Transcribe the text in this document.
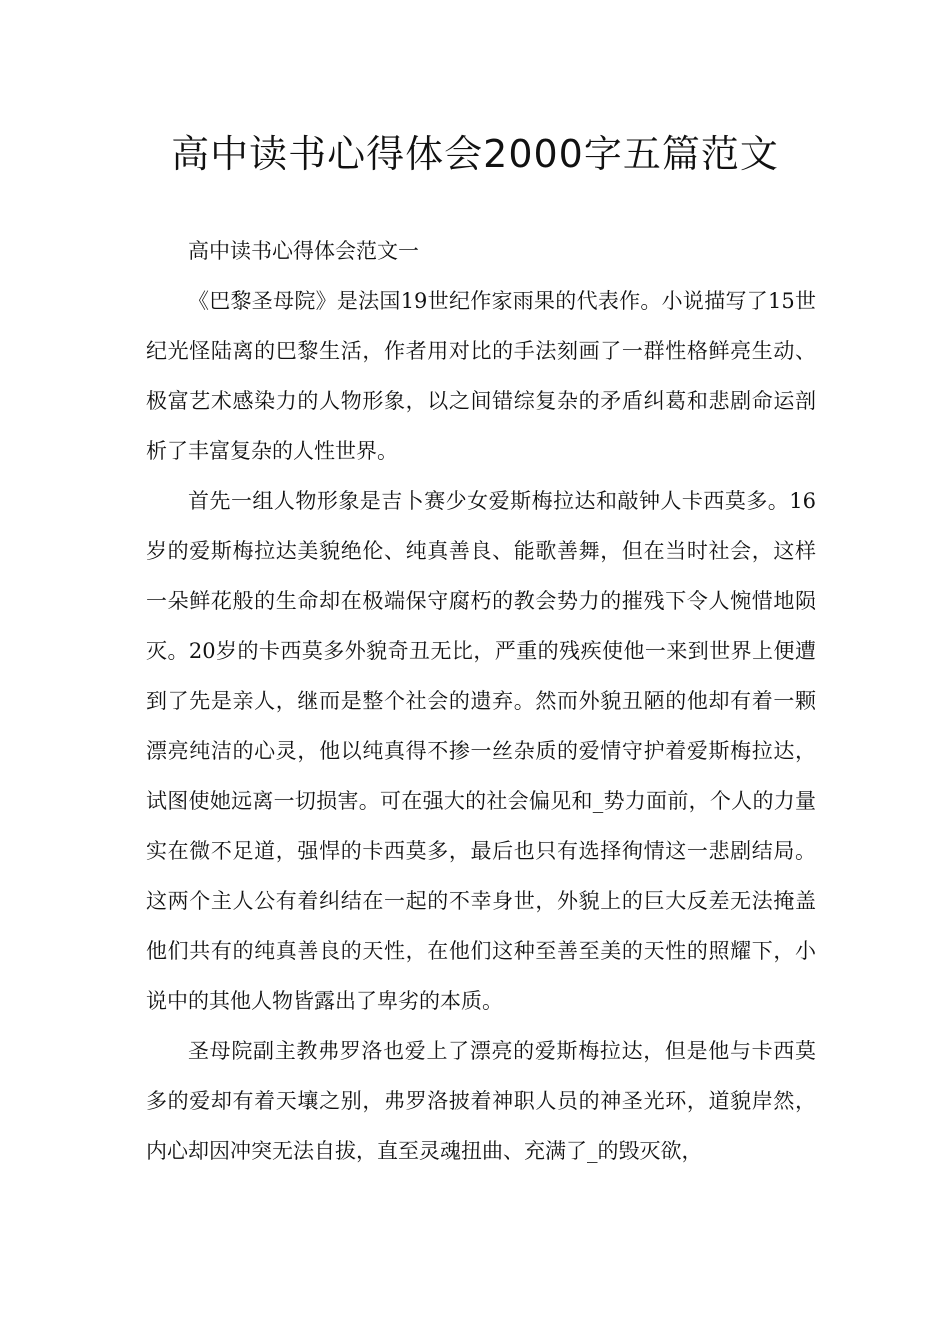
高中读书心得体会2000字五篇范文

高中读书心得体会范文一

《巴黎圣母院》是法国19世纪作家雨果的代表作。小说描写了15世纪光怪陆离的巴黎生活，作者用对比的手法刻画了一群性格鲜亮生动、极富艺术感染力的人物形象，以之间错综复杂的矛盾纠葛和悲剧命运剖析了丰富复杂的人性世界。

首先一组人物形象是吉卜赛少女爱斯梅拉达和敲钟人卡西莫多。16岁的爱斯梅拉达美貌绝伦、纯真善良、能歌善舞，但在当时社会，这样一朵鲜花般的生命却在极端保守腐朽的教会势力的摧残下令人惋惜地陨灭。20岁的卡西莫多外貌奇丑无比，严重的残疾使他一来到世界上便遭到了先是亲人，继而是整个社会的遗弃。然而外貌丑陋的他却有着一颗漂亮纯洁的心灵，他以纯真得不掺一丝杂质的爱情守护着爱斯梅拉达，试图使她远离一切损害。可在强大的社会偏见和_势力面前，个人的力量实在微不足道，强悍的卡西莫多，最后也只有选择徇情这一悲剧结局。这两个主人公有着纠结在一起的不幸身世，外貌上的巨大反差无法掩盖他们共有的纯真善良的天性，在他们这种至善至美的天性的照耀下，小说中的其他人物皆露出了卑劣的本质。

圣母院副主教弗罗洛也爱上了漂亮的爱斯梅拉达，但是他与卡西莫多的爱却有着天壤之别，弗罗洛披着神职人员的神圣光环，道貌岸然，内心却因冲突无法自拔，直至灵魂扭曲、充满了_的毁灭欲，
